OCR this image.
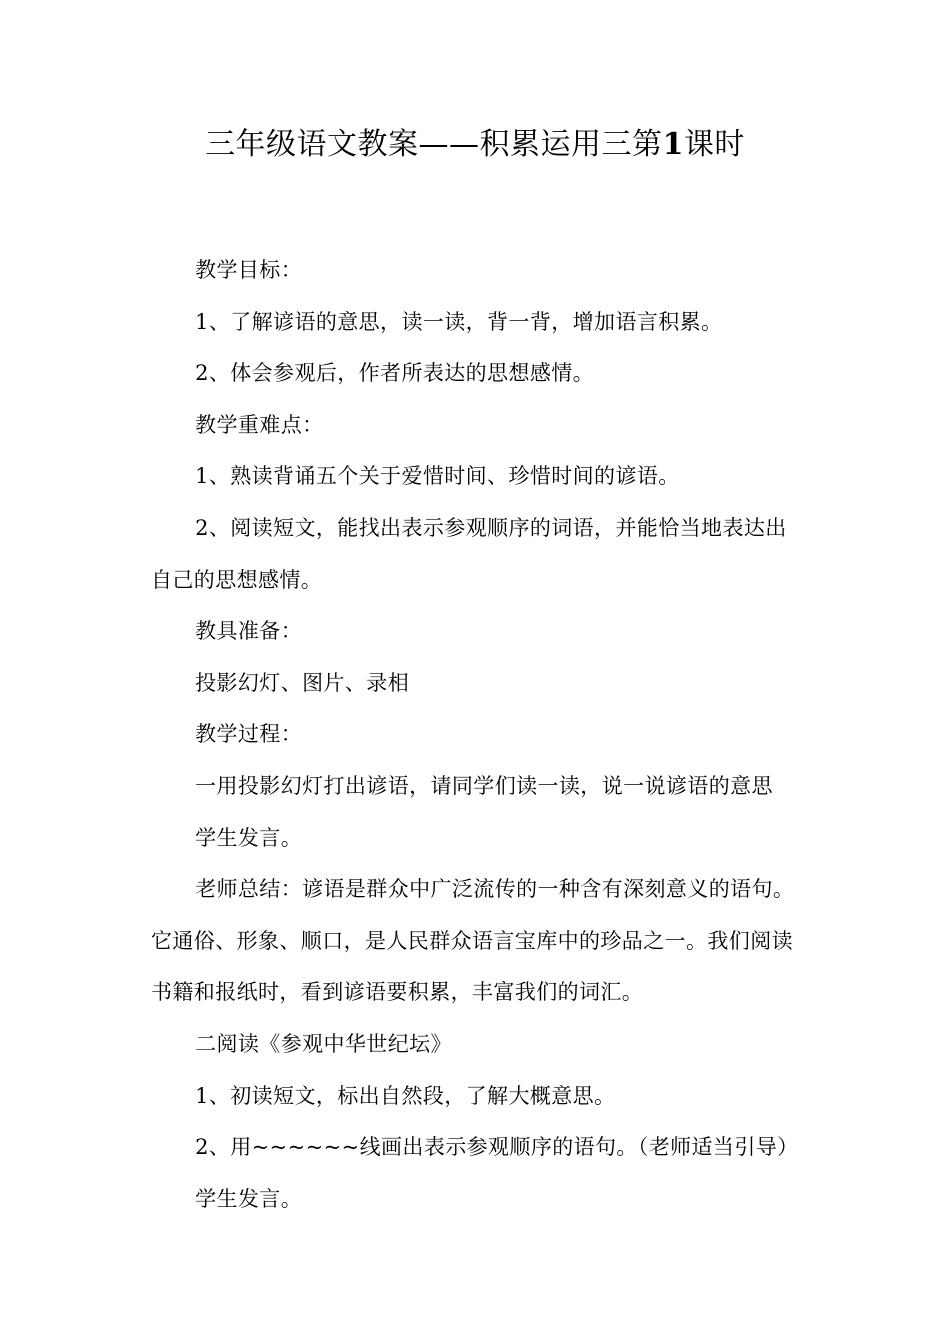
三年级语文教案——积累运用三第1课时

教学目标：

1、了解谚语的意思，读一读，背一背，增加语言积累。

2、体会参观后，作者所表达的思想感情。

教学重难点：

1、熟读背诵五个关于爱惜时间、珍惜时间的谚语。

2、阅读短文，能找出表示参观顺序的词语，并能恰当地表达出自己的思想感情。

教具准备：

投影幻灯、图片、录相

教学过程：

一用投影幻灯打出谚语，请同学们读一读，说一说谚语的意思

学生发言。

老师总结：谚语是群众中广泛流传的一种含有深刻意义的语句。它通俗、形象、顺口，是人民群众语言宝库中的珍品之一。我们阅读书籍和报纸时，看到谚语要积累，丰富我们的词汇。

二阅读《参观中华世纪坛》

1、初读短文，标出自然段，了解大概意思。

2、用~~~~~~线画出表示参观顺序的语句。（老师适当引导）

学生发言。
